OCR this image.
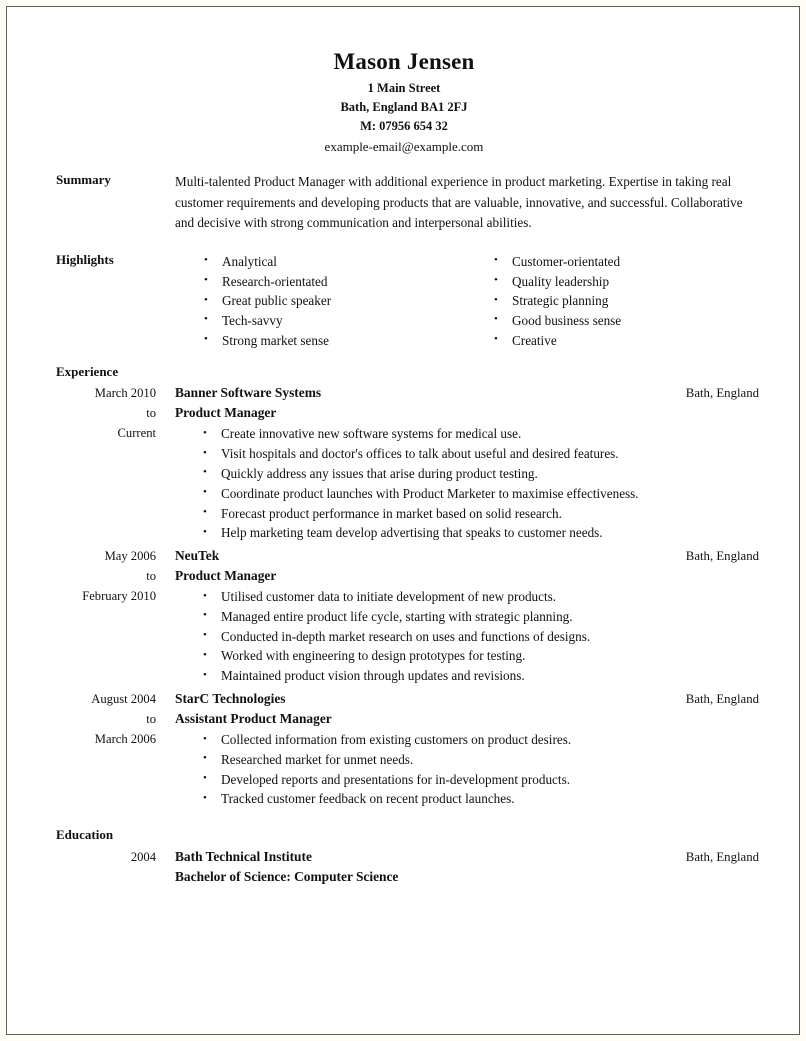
Mason Jensen
1 Main Street
Bath, England BA1 2FJ
M: 07956 654 32
example-email@example.com
Summary	Multi-talented Product Manager with additional experience in product marketing. Expertise in taking real customer requirements and developing products that are valuable, innovative, and successful. Collaborative and decisive with strong communication and interpersonal abilities.
Highlights	• Analytical
• Research-orientated
• Great public speaker
• Tech-savvy
• Strong market sense
• Customer-orientated
• Quality leadership
• Strategic planning
• Good business sense
• Creative
Experience
March 2010
to
Current
Banner Software Systems	Bath, England
Product Manager
• Create innovative new software systems for medical use.
• Visit hospitals and doctor's offices to talk about useful and desired features.
• Quickly address any issues that arise during product testing.
• Coordinate product launches with Product Marketer to maximise effectiveness.
• Forecast product performance in market based on solid research.
• Help marketing team develop advertising that speaks to customer needs.
May 2006
to
February 2010
NeuTek	Bath, England
Product Manager
• Utilised customer data to initiate development of new products.
• Managed entire product life cycle, starting with strategic planning.
• Conducted in-depth market research on uses and functions of designs.
• Worked with engineering to design prototypes for testing.
• Maintained product vision through updates and revisions.
August 2004
to
March 2006
StarC Technologies	Bath, England
Assistant Product Manager
• Collected information from existing customers on product desires.
• Researched market for unmet needs.
• Developed reports and presentations for in-development products.
• Tracked customer feedback on recent product launches.
Education
2004 Bath Technical Institute	Bath, England
Bachelor of Science: Computer Science
